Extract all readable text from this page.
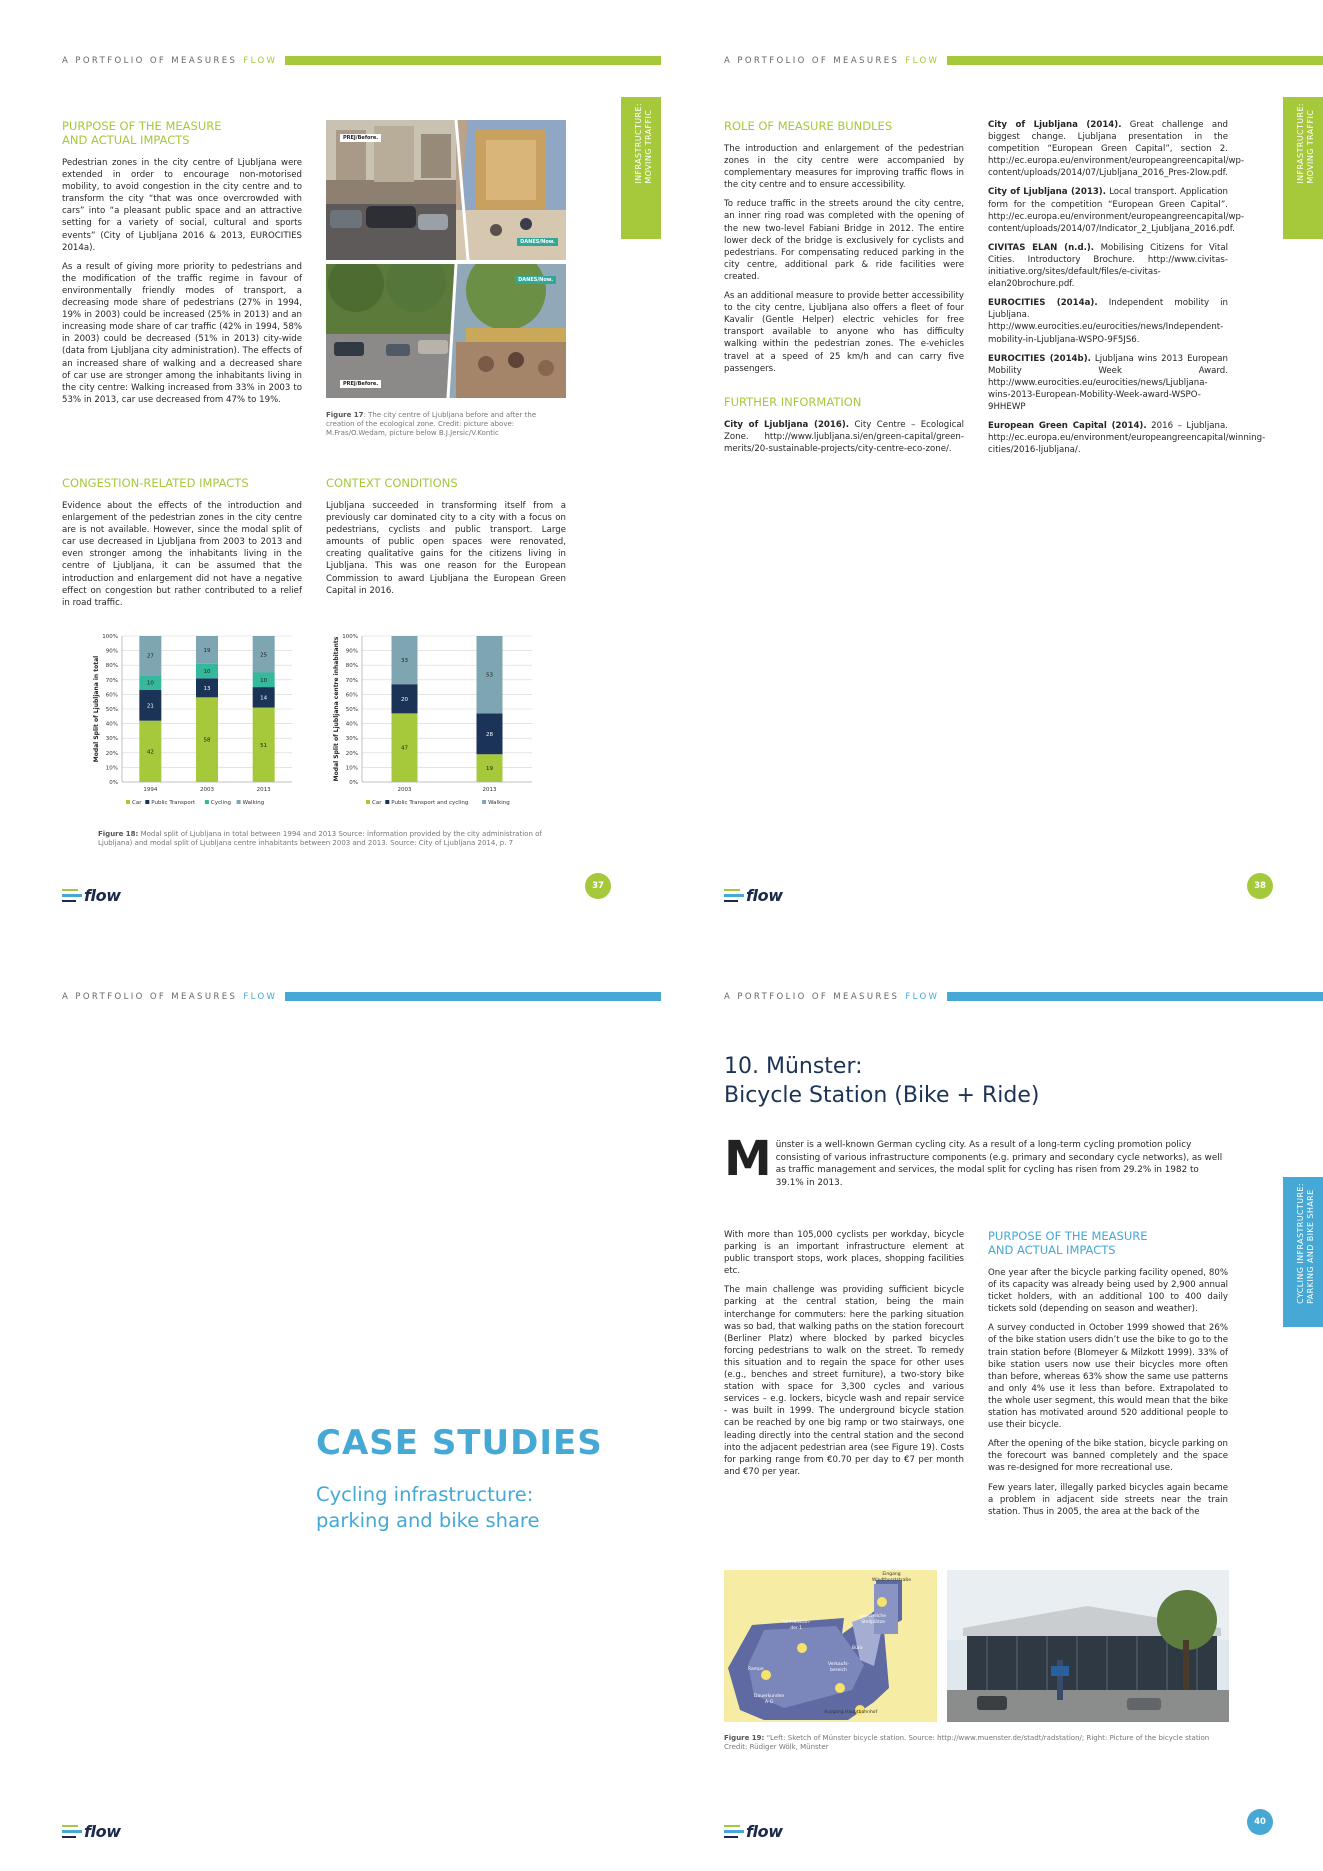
A PORTFOLIO OF MEASURES FLOW
INFRASTRUCTURE:
MOVING TRAFFIC
PURPOSE OF THE MEASURE
AND ACTUAL IMPACTS

Pedestrian zones in the city centre of Ljubljana were extended in order to encourage non-motorised mobility, to avoid congestion in the city centre and to transform the city “that was once overcrowded with cars” into “a pleasant public space and an attractive setting for a variety of social, cultural and sports events” (City of Ljubljana 2016 & 2013, EUROCITIES 2014a).

As a result of giving more priority to pedestrians and the modification of the traffic regime in favour of environmentally friendly modes of transport, a decreasing mode share of pedestrians (27% in 1994, 19% in 2003) could be increased (25% in 2013) and an increasing mode share of car traffic (42% in 1994, 58% in 2003) could be decreased (51% in 2013) city-wide (data from Ljubljana city administration). The effects of an increased share of walking and a decreased share of car use are stronger among the inhabitants living in the city centre: Walking increased from 33% in 2003 to 53% in 2013, car use decreased from 47% to 19%.

PREJ/Before.
DANES/Now.
DANES/Now.
PREJ/Before.
Figure 17: The city centre of Ljubljana before and after the creation of the ecological zone. Credit: picture above: M.Fras/O.Wedam, picture below B.J.Jersic/V.Kontic
CONGESTION-RELATED IMPACTS

Evidence about the effects of the introduction and enlargement of the pedestrian zones in the city centre are is not available. However, since the modal split of car use decreased in Ljubljana from 2003 to 2013 and even stronger among the inhabitants living in the centre of Ljubljana, it can be assumed that the introduction and enlargement did not have a negative effect on congestion but rather contributed to a relief in road traffic.

CONTEXT CONDITIONS

Ljubljana succeeded in transforming itself from a previously car dominated city to a city with a focus on pedestrians, cyclists and public transport. Large amounts of public open spaces were renovated, creating qualitative gains for the citizens living in Ljubljana. This was one reason for the European Commission to award Ljubljana the European Green Capital in 2016.

0%
10%
20%
30%
40%
50%
60%
70%
80%
90%
100%
Modal Split of Ljubljana in total	42
21
10
27
1994
58
13
10
19
2003
51
14
10
25
2013
Car Public Transport	Cycling Walking
0%
10%
20%
30%
40%
50%
60%
70%
80%
90%
100%
Modal Split of Ljubljana centre inhabitants	47
20
33
2003
19
28
53
2013
Car Public Transport and cycling	Walking
Figure 18: Modal split of Ljubljana in total between 1994 and 2013 Source: information provided by the city administration of Ljubljana) and modal split of Ljubljana centre inhabitants between 2003 and 2013. Source: City of Ljubljana 2014, p. 7
flow	37
A PORTFOLIO OF MEASURES FLOW
INFRASTRUCTURE:
MOVING TRAFFIC
ROLE OF MEASURE BUNDLES

The introduction and enlargement of the pedestrian zones in the city centre were accompanied by complementary measures for improving traffic flows in the city centre and to ensure accessibility.

To reduce traffic in the streets around the city centre, an inner ring road was completed with the opening of the new two-level Fabiani Bridge in 2012. The entire lower deck of the bridge is exclusively for cyclists and pedestrians. For compensating reduced parking in the city centre, additional park & ride facilities were created.

As an additional measure to provide better accessibility to the city centre, Ljubljana also offers a fleet of four Kavalir (Gentle Helper) electric vehicles for free transport available to anyone who has difficulty walking within the pedestrian zones. The e-vehicles travel at a speed of 25 km/h and can carry five passengers.

FURTHER INFORMATION

City of Ljubljana (2016). City Centre – Ecological Zone. http://www.ljubljana.si/en/green-capital/green-merits/20-sustainable-projects/city-centre-eco-zone/.

City of Ljubljana (2014). Great challenge and biggest change. Ljubljana presentation in the competition “European Green Capital”, section 2. http://ec.europa.eu/environment/europeangreencapital/wp-content/uploads/2014/07/Ljubljana_2016_Pres-2low.pdf.

City of Ljubljana (2013). Local transport. Application form for the competition “European Green Capital”. http://ec.europa.eu/environment/europeangreencapital/wp-content/uploads/2014/07/Indicator_2_Ljubljana_2016.pdf.

CIVITAS ELAN (n.d.). Mobilising Citizens for Vital Cities. Introductory Brochure. http://www.civitas-initiative.org/sites/default/files/e-civitas-elan20brochure.pdf.

EUROCITIES (2014a). Independent mobility in Ljubljana. http://www.eurocities.eu/eurocities/news/Independent-mobility-in-Ljubljana-WSPO-9F5JS6.

EUROCITIES (2014b). Ljubljana wins 2013 European Mobility Week Award. http://www.eurocities.eu/eurocities/news/Ljubljana-wins-2013-European-Mobility-Week-award-WSPO-9HHEWP

European Green Capital (2014). 2016 – Ljubljana. http://ec.europa.eu/environment/europeangreencapital/winning-cities/2016-ljubljana/.

flow	38
A PORTFOLIO OF MEASURES FLOW
CASE STUDIES
Cycling infrastructure:
parking and bike share
flow
A PORTFOLIO OF MEASURES FLOW
CYCLING INFRASTRUCTURE:
PARKING AND BIKE SHARE
10. Münster:
Bicycle Station (Bike + Ride)
M ünster is a well-known German cycling city. As a result of a long-term cycling promotion policy consisting of various infrastructure components (e.g. primary and secondary cycle networks), as well as traffic management and services, the modal split for cycling has risen from 29.2% in 1982 to 39.1% in 2013.

With more than 105,000 cyclists per workday, bicycle parking is an important infrastructure element at public transport stops, work places, shopping facilities etc.

The main challenge was providing sufficient bicycle parking at the central station, being the main interchange for commuters: here the parking situation was so bad, that walking paths on the station forecourt (Berliner Platz) where blocked by parked bicycles forcing pedestrians to walk on the street. To remedy this situation and to regain the space for other uses (e.g., benches and street furniture), a two-story bike station with space for 3,300 cycles and various services – e.g. lockers, bicycle wash and repair service - was built in 1999. The underground bicycle station can be reached by one big ramp or two stairways, one leading directly into the central station and the second into the adjacent pedestrian area (see Figure 19). Costs for parking range from €0.70 per day to €7 per month and €70 per year.

PURPOSE OF THE MEASURE
AND ACTUAL IMPACTS

One year after the bicycle parking facility opened, 80% of its capacity was already being used by 2,900 annual ticket holders, with an additional 100 to 400 daily tickets sold (depending on season and weather).

A survey conducted in October 1999 showed that 26% of the bike station users didn’t use the bike to go to the train station before (Blomeyer & Milzkott 1999). 33% of bike station users now use their bicycles more often than before, whereas 63% show the same use patterns and only 4% use it less than before. Extrapolated to the whole user segment, this would mean that the bike station has motivated around 520 additional people to use their bicycle.

After the opening of the bike station, bicycle parking on the forecourt was banned completely and the space was re-designed for more recreational use.

Few years later, illegally parked bicycles again became a problem in adjacent side streets near the train station. Thus in 2005, the area at the back of the

Eingang
Windthorststraße
persönliche
Stellplätze
Fahrradstän-
der 1
Büro
Verkaufs-
bereich
Rampe
Dauerkunden
A-G
Ausgang Hauptbahnhof
Figure 19: “Left: Sketch of Münster bicycle station. Source: http://www.muenster.de/stadt/radstation/; Right: Picture of the bicycle station Credit: Rüdiger Wölk, Münster
flow	40
